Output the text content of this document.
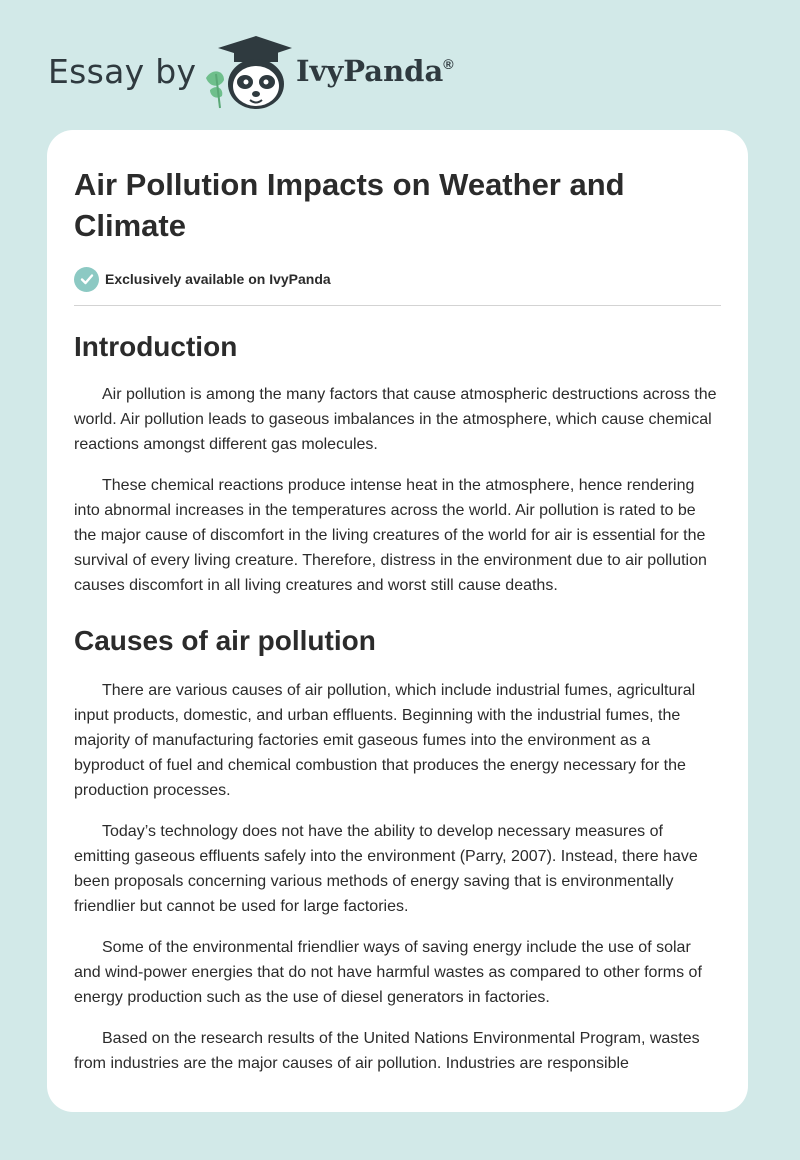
Essay by	IvyPanda®
Air Pollution Impacts on Weather and Climate
Exclusively available on IvyPanda
Introduction

Air pollution is among the many factors that cause atmospheric destructions across the world. Air pollution leads to gaseous imbalances in the atmosphere, which cause chemical reactions amongst different gas molecules.

These chemical reactions produce intense heat in the atmosphere, hence rendering into abnormal increases in the temperatures across the world. Air pollution is rated to be the major cause of discomfort in the living creatures of the world for air is essential for the survival of every living creature. Therefore, distress in the environment due to air pollution causes discomfort in all living creatures and worst still cause deaths.

Causes of air pollution

There are various causes of air pollution, which include industrial fumes, agricultural input products, domestic, and urban effluents. Beginning with the industrial fumes, the majority of manufacturing factories emit gaseous fumes into the environment as a byproduct of fuel and chemical combustion that produces the energy necessary for the production processes.

Today’s technology does not have the ability to develop necessary measures of emitting gaseous effluents safely into the environment (Parry, 2007). Instead, there have been proposals concerning various methods of energy saving that is environmentally friendlier but cannot be used for large factories.

Some of the environmental friendlier ways of saving energy include the use of solar and wind-power energies that do not have harmful wastes as compared to other forms of energy production such as the use of diesel generators in factories.

Based on the research results of the United Nations Environmental Program, wastes from industries are the major causes of air pollution. Industries are responsible
